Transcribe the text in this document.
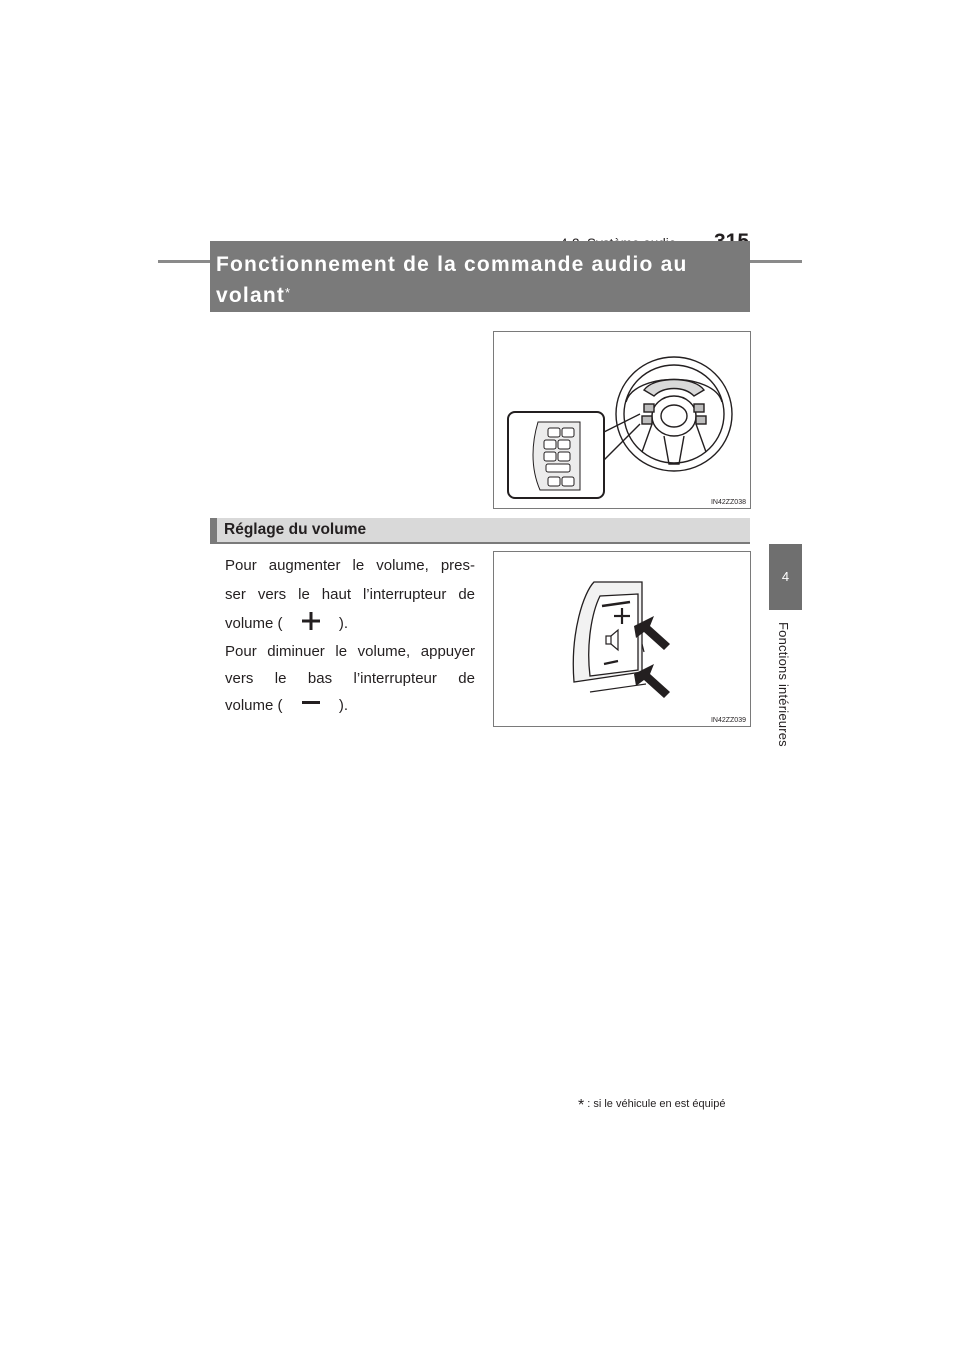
4
Fonctions intérieures
Fonctionnement de la commande audio au volant*
IN42ZZ038
Réglage du volume
Pour augmenter le volume, pres-
ser vers le haut l’interrupteur de
volume (	).
Pour diminuer le volume, appuyer
vers le bas l’interrupteur de
volume (	).
IN42ZZ039
* : si le véhicule en est équipé
